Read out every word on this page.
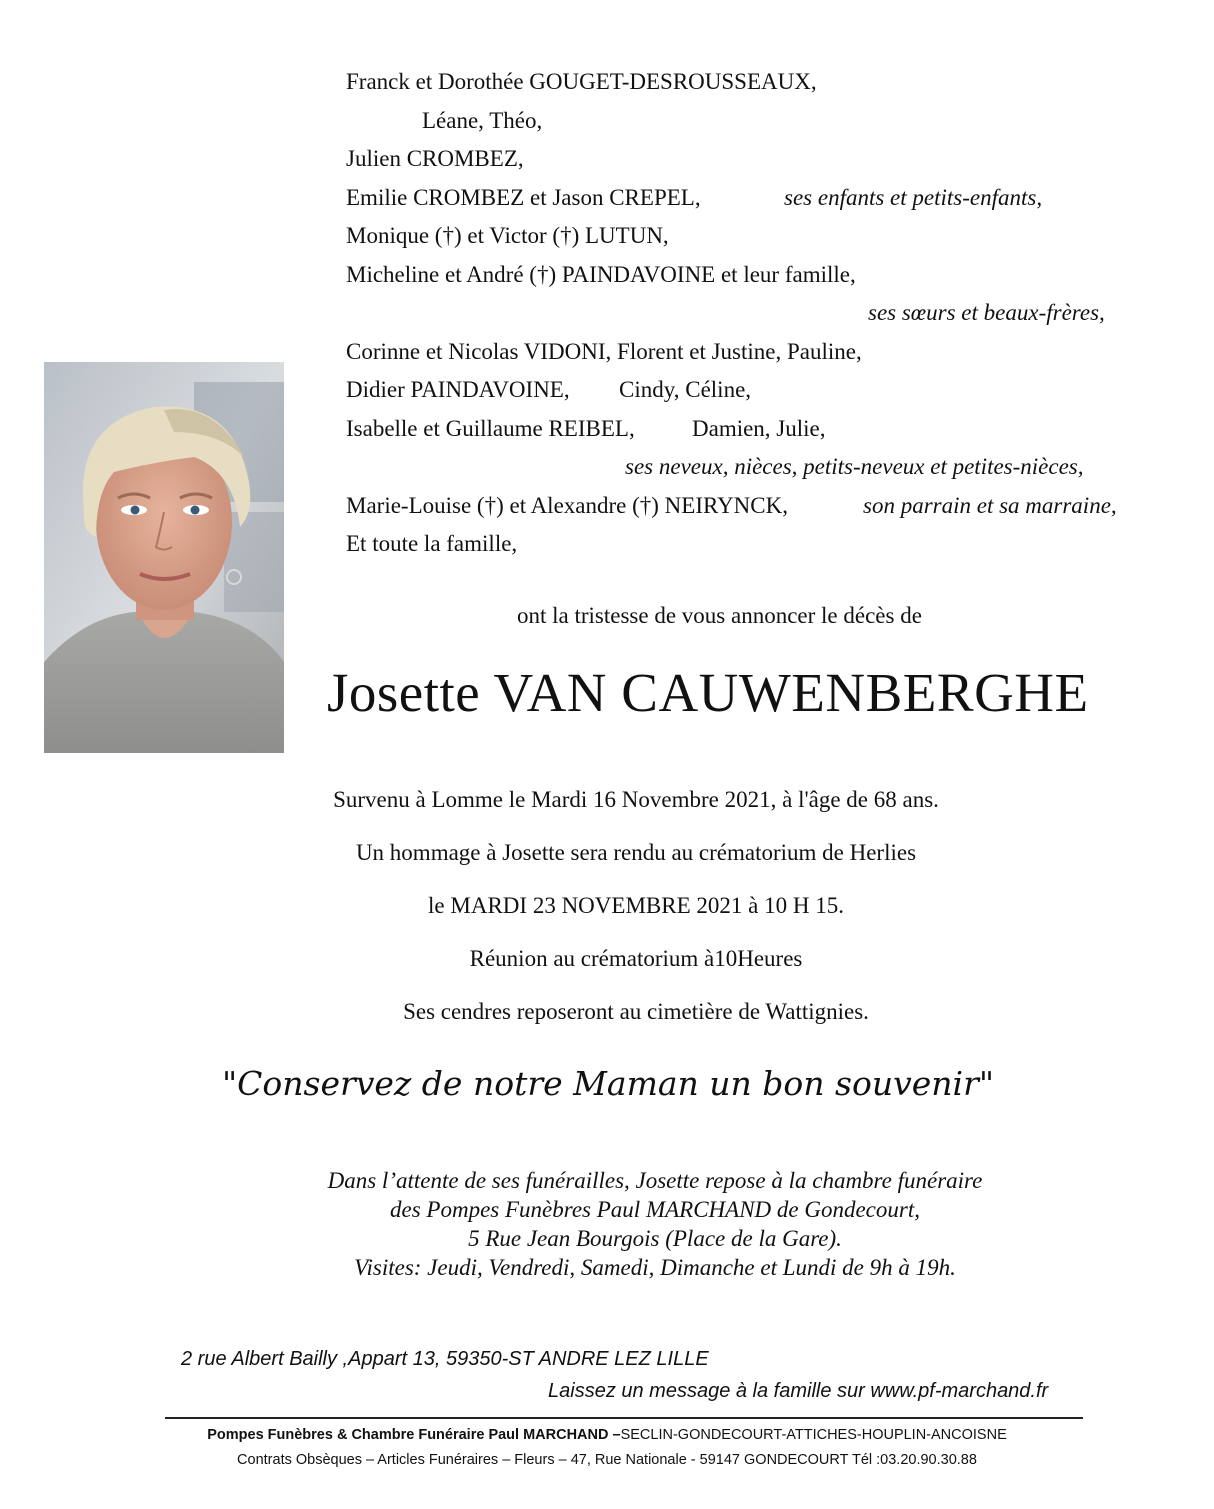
Franck et Dorothée GOUGET-DESROUSSEAUX,
Léane, Théo,
Julien CROMBEZ,
Emilie CROMBEZ et Jason CREPEL,	ses enfants et petits-enfants,
Monique (†) et Victor (†) LUTUN,
Micheline et André (†) PAINDAVOINE et leur famille,
ses sœurs et beaux-frères,
Corinne et Nicolas VIDONI, Florent et Justine, Pauline,
Didier PAINDAVOINE, Cindy, Céline,
Isabelle et Guillaume REIBEL, Damien, Julie,
ses neveux, nièces, petits-neveux et petites-nièces,
Marie-Louise (†) et Alexandre (†) NEIRYNCK,	son parrain et sa marraine,
Et toute la famille,
ont la tristesse de vous annoncer le décès de
Josette VAN CAUWENBERGHE
Survenu à Lomme le Mardi 16 Novembre 2021, à l'âge de 68 ans.
Un hommage à Josette sera rendu au crématorium de Herlies
le MARDI 23 NOVEMBRE 2021 à 10 H 15.
Réunion au crématorium à10Heures
Ses cendres reposeront au cimetière de Wattignies.
"Conservez de notre Maman un bon souvenir"
Dans l’attente de ses funérailles, Josette repose à la chambre funéraire
des Pompes Funèbres Paul MARCHAND de Gondecourt,
5 Rue Jean Bourgois (Place de la Gare).
Visites: Jeudi, Vendredi, Samedi, Dimanche et Lundi de 9h à 19h.
2 rue Albert Bailly ,Appart 13, 59350-ST ANDRE LEZ LILLE
Laissez un message à la famille sur www.pf-marchand.fr
Pompes Funèbres & Chambre Funéraire Paul MARCHAND –SECLIN-GONDECOURT-ATTICHES-HOUPLIN-ANCOISNE
Contrats Obsèques – Articles Funéraires – Fleurs – 47, Rue Nationale - 59147 GONDECOURT Tél :03.20.90.30.88
